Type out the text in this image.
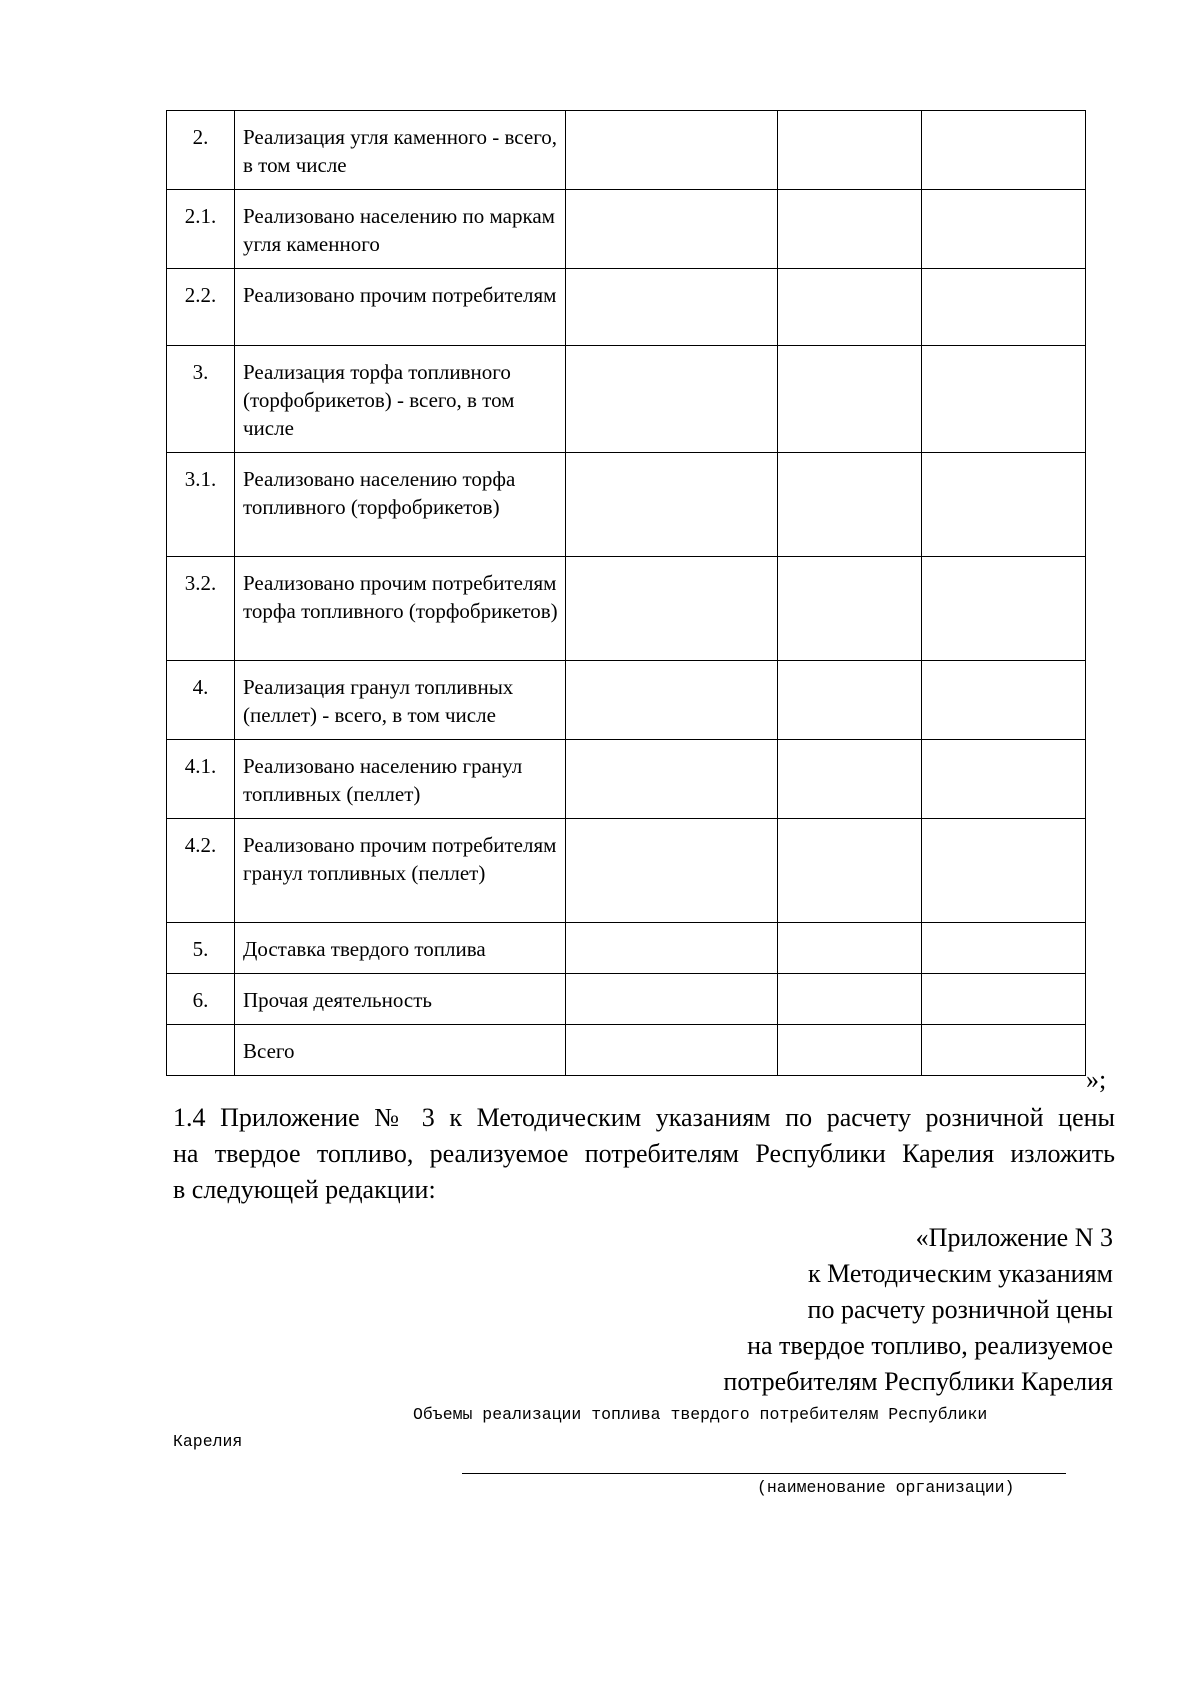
2.	Реализация угля каменного - всего, в том числе			
2.1.	Реализовано населению по маркам угля каменного			
2.2.	Реализовано прочим потребителям			
3.	Реализация торфа топливного (торфобрикетов) - всего, в том числе			
3.1.	Реализовано населению торфа топливного (торфобрикетов)			
3.2.	Реализовано прочим потребителям торфа топливного (торфобрикетов)			
4.	Реализация гранул топливных (пеллет) - всего, в том числе			
4.1.	Реализовано населению гранул топливных (пеллет)			
4.2.	Реализовано прочим потребителям гранул топливных (пеллет)			
5.	Доставка твердого топлива			
6.	Прочая деятельность			
	Всего			
»;
1.4 Приложение № 3 к Методическим указаниям по расчету розничной цены
на твердое топливо, реализуемое потребителям Республики Карелия изложить
в следующей редакции:
«Приложение N 3
к Методическим указаниям
по расчету розничной цены
на твердое топливо, реализуемое
потребителям Республики Карелия
Объемы реализации топлива твердого потребителям Республики
Карелия
(наименование организации)
